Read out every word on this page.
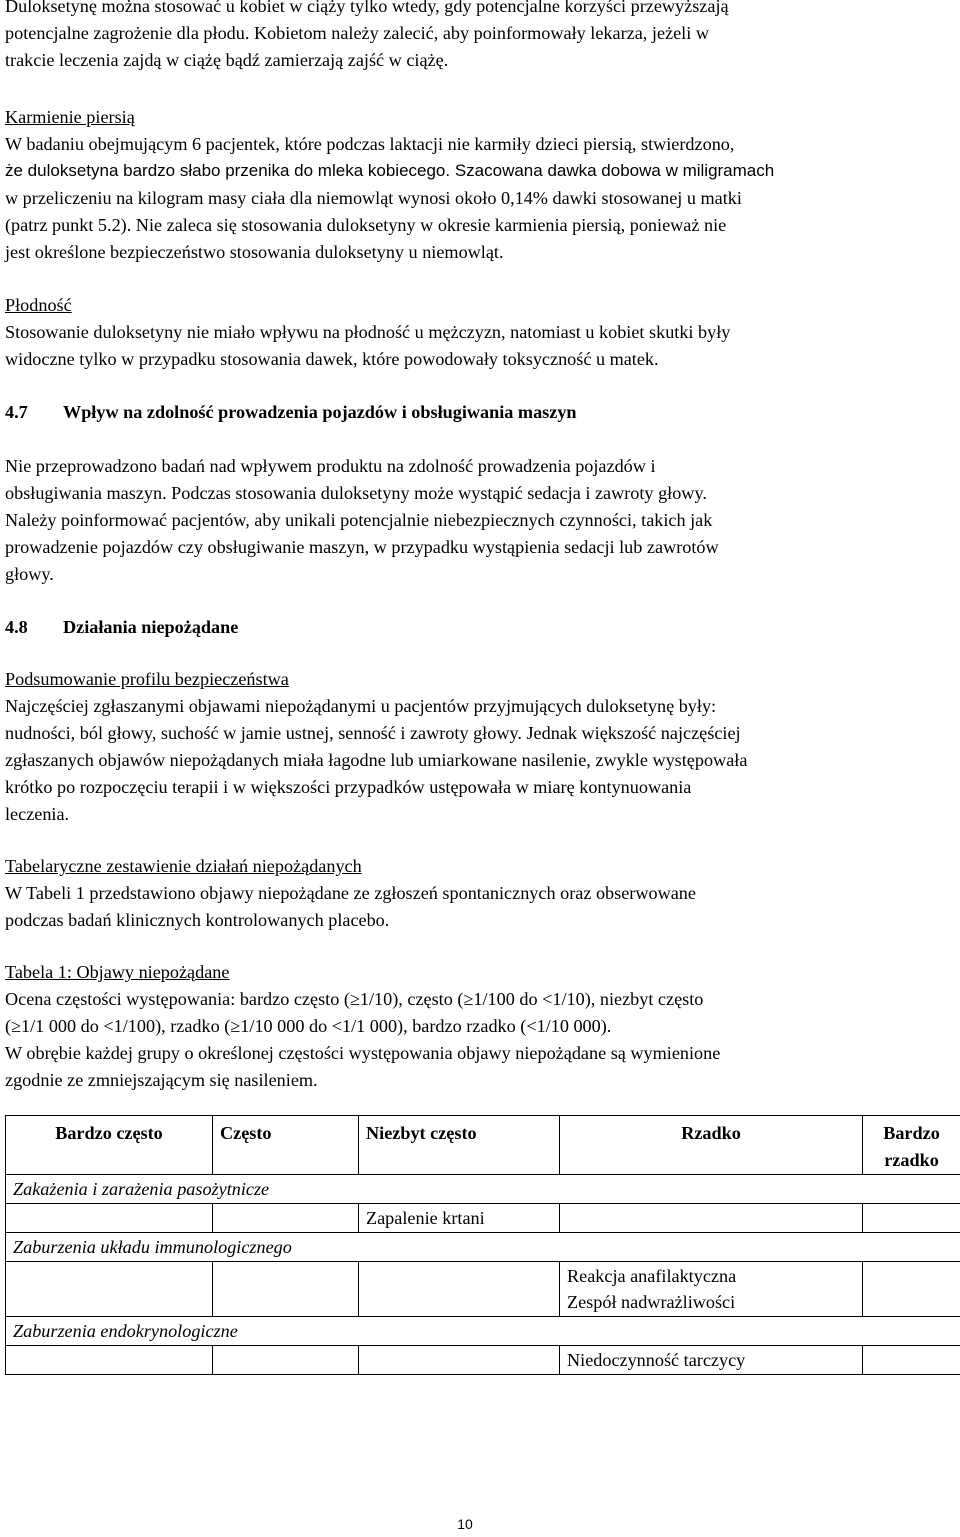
Duloksetynę można stosować u kobiet w ciąży tylko wtedy, gdy potencjalne korzyści przewyższają
potencjalne zagrożenie dla płodu. Kobietom należy zalecić, aby poinformowały lekarza, jeżeli w
trakcie leczenia zajdą w ciążę bądź zamierzają zajść w ciążę.
Karmienie piersią
W badaniu obejmującym 6 pacjentek, które podczas laktacji nie karmiły dzieci piersią, stwierdzono,
że duloksetyna bardzo słabo przenika do mleka kobiecego. Szacowana dawka dobowa w miligramach
w przeliczeniu na kilogram masy ciała dla niemowląt wynosi około 0,14% dawki stosowanej u matki
(patrz punkt 5.2). Nie zaleca się stosowania duloksetyny w okresie karmienia piersią, ponieważ nie
jest określone bezpieczeństwo stosowania duloksetyny u niemowląt.
Płodność
Stosowanie duloksetyny nie miało wpływu na płodność u mężczyzn, natomiast u kobiet skutki były
widoczne tylko w przypadku stosowania dawek, które powodowały toksyczność u matek.
4.7 Wpływ na zdolność prowadzenia pojazdów i obsługiwania maszyn
Nie przeprowadzono badań nad wpływem produktu na zdolność prowadzenia pojazdów i
obsługiwania maszyn. Podczas stosowania duloksetyny może wystąpić sedacja i zawroty głowy.
Należy poinformować pacjentów, aby unikali potencjalnie niebezpiecznych czynności, takich jak
prowadzenie pojazdów czy obsługiwanie maszyn, w przypadku wystąpienia sedacji lub zawrotów
głowy.
4.8 Działania niepożądane
Podsumowanie profilu bezpieczeństwa
Najczęściej zgłaszanymi objawami niepożądanymi u pacjentów przyjmujących duloksetynę były:
nudności, ból głowy, suchość w jamie ustnej, senność i zawroty głowy. Jednak większość najczęściej
zgłaszanych objawów niepożądanych miała łagodne lub umiarkowane nasilenie, zwykle występowała
krótko po rozpoczęciu terapii i w większości przypadków ustępowała w miarę kontynuowania
leczenia.
Tabelaryczne zestawienie działań niepożądanych
W Tabeli 1 przedstawiono objawy niepożądane ze zgłoszeń spontanicznych oraz obserwowane
podczas badań klinicznych kontrolowanych placebo.
Tabela 1: Objawy niepożądane
Ocena częstości występowania: bardzo często (≥1/10), często (≥1/100 do <1/10), niezbyt często
(≥1/1 000 do <1/100), rzadko (≥1/10 000 do <1/1 000), bardzo rzadko (<1/10 000).
W obrębie każdej grupy o określonej częstości występowania objawy niepożądane są wymienione
zgodnie ze zmniejszającym się nasileniem.
Bardzo często	Często	Niezbyt często	Rzadko	Bardzo
rzadko

Zakażenia i zarażenia pasożytnicze				
		Zapalenie krtani		
Zaburzenia układu immunologicznego				

			Reakcja anafilaktyczna
Zespół nadwrażliwości	

Zaburzenia endokrynologiczne				
			Niedoczynność tarczycy	
10
